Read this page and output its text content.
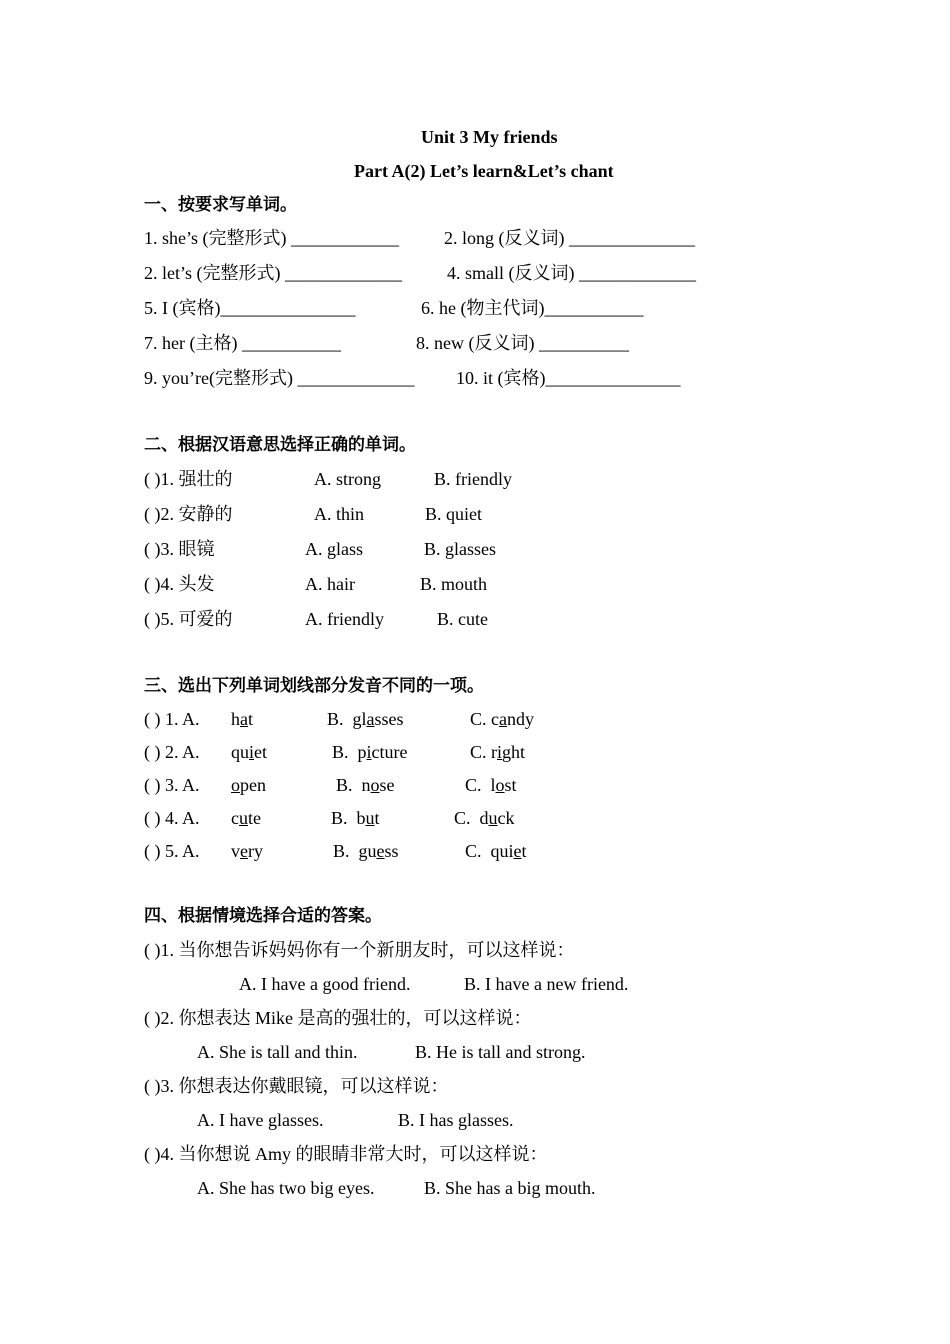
Unit 3 My friends
Part A(2) Let’s learn&Let’s chant
一、按要求写单词。
1. she’s (完整形式) ____________	2. long (反义词) ______________
2. let’s (完整形式) _____________	4. small (反义词) _____________
5. I (宾格)_______________	6. he (物主代词)___________
7. her (主格) ___________	8. new (反义词) __________
9. you’re(完整形式) _____________ 10. it (宾格)_______________
二、根据汉语意思选择正确的单词。
( )1. 强壮的	A. strong	B. friendly
( )2. 安静的	A. thin	B. quiet
( )3. 眼镜	A. glass	B. glasses
( )4. 头发	A. hair	B. mouth
( )5. 可爱的	A. friendly	B. cute
三、选出下列单词划线部分发音不同的一项。
( ) 1. A. hat	B. glasses	C. candy
( ) 2. A. quiet	B. picture	C. right
( ) 3. A. open	B. nose	C. lost
( ) 4. A. cute	B. but	C. duck
( ) 5. A. very	B. guess	C. quiet
四、根据情境选择合适的答案。
( )1. 当你想告诉妈妈你有一个新朋友时，可以这样说：
A. I have a good friend.	B. I have a new friend.
( )2. 你想表达 Mike 是高的强壮的，可以这样说：
A. She is tall and thin.	B. He is tall and strong.
( )3. 你想表达你戴眼镜，可以这样说：
A. I have glasses.	B. I has glasses.
( )4. 当你想说 Amy 的眼睛非常大时，可以这样说：
A. She has two big eyes.	B. She has a big mouth.
